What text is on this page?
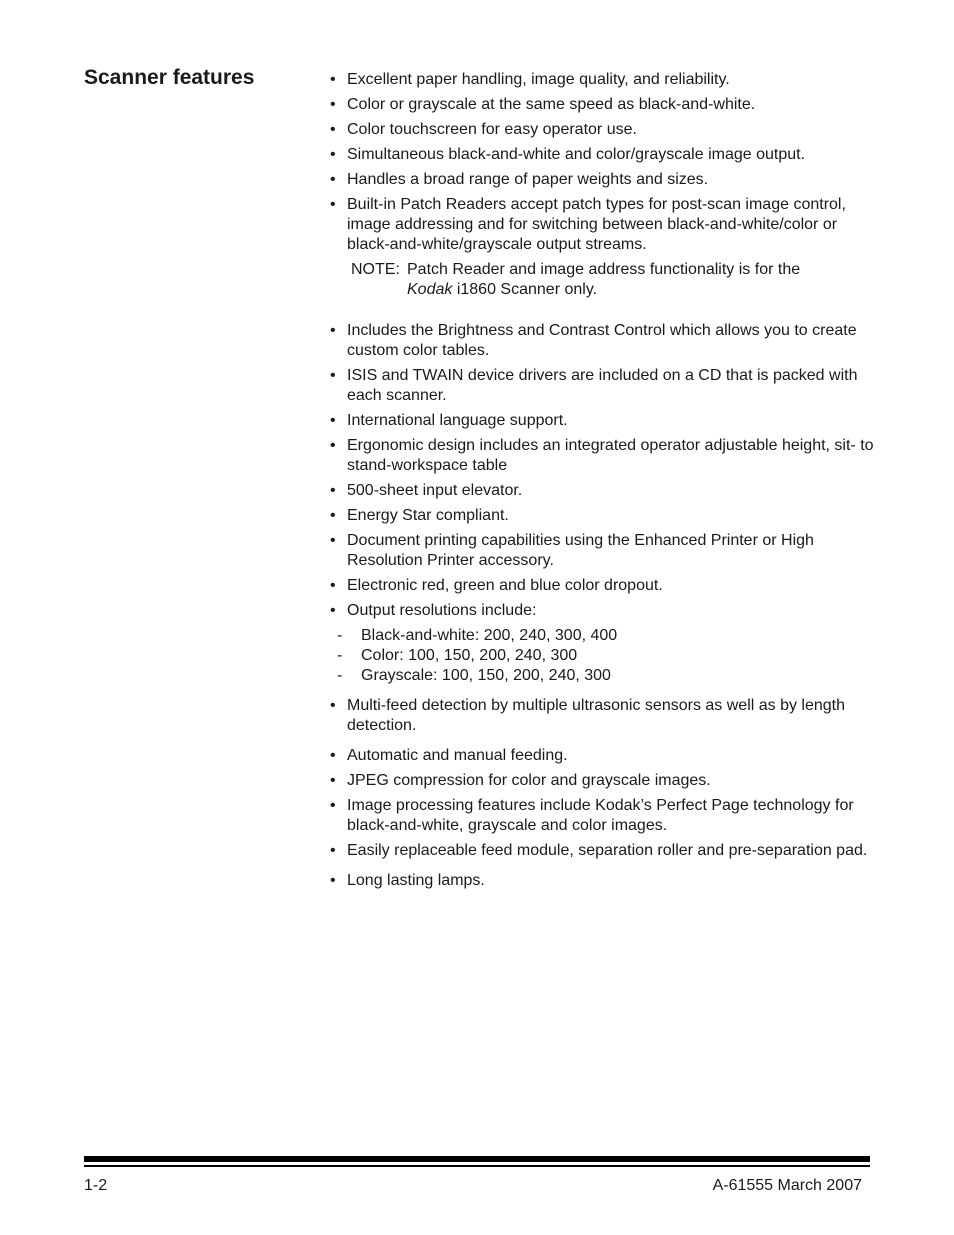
Scanner features	• Excellent paper handling, image quality, and reliability.
• Color or grayscale at the same speed as black-and-white.
• Color touchscreen for easy operator use.
• Simultaneous black-and-white and color/grayscale image output.
• Handles a broad range of paper weights and sizes.
• Built-in Patch Readers accept patch types for post-scan image control, image addressing and for switching between black-and-white/color or black-and-white/grayscale output streams.
NOTE: Patch Reader and image address functionality is for the
Kodak i1860 Scanner only.
• Includes the Brightness and Contrast Control which allows you to create custom color tables.
• ISIS and TWAIN device drivers are included on a CD that is packed with each scanner.
• International language support.
• Ergonomic design includes an integrated operator adjustable height, sit- to stand-workspace table
• 500-sheet input elevator.
• Energy Star compliant.
• Document printing capabilities using the Enhanced Printer or High Resolution Printer accessory.
• Electronic red, green and blue color dropout.
• Output resolutions include:
- Black-and-white: 200, 240, 300, 400
- Color: 100, 150, 200, 240, 300
- Grayscale: 100, 150, 200, 240, 300
• Multi-feed detection by multiple ultrasonic sensors as well as by length detection.
• Automatic and manual feeding.
• JPEG compression for color and grayscale images.
• Image processing features include Kodak’s Perfect Page technology for black-and-white, grayscale and color images.
• Easily replaceable feed module, separation roller and pre-separation pad.
• Long lasting lamps.
1-2	A-61555 March 2007
